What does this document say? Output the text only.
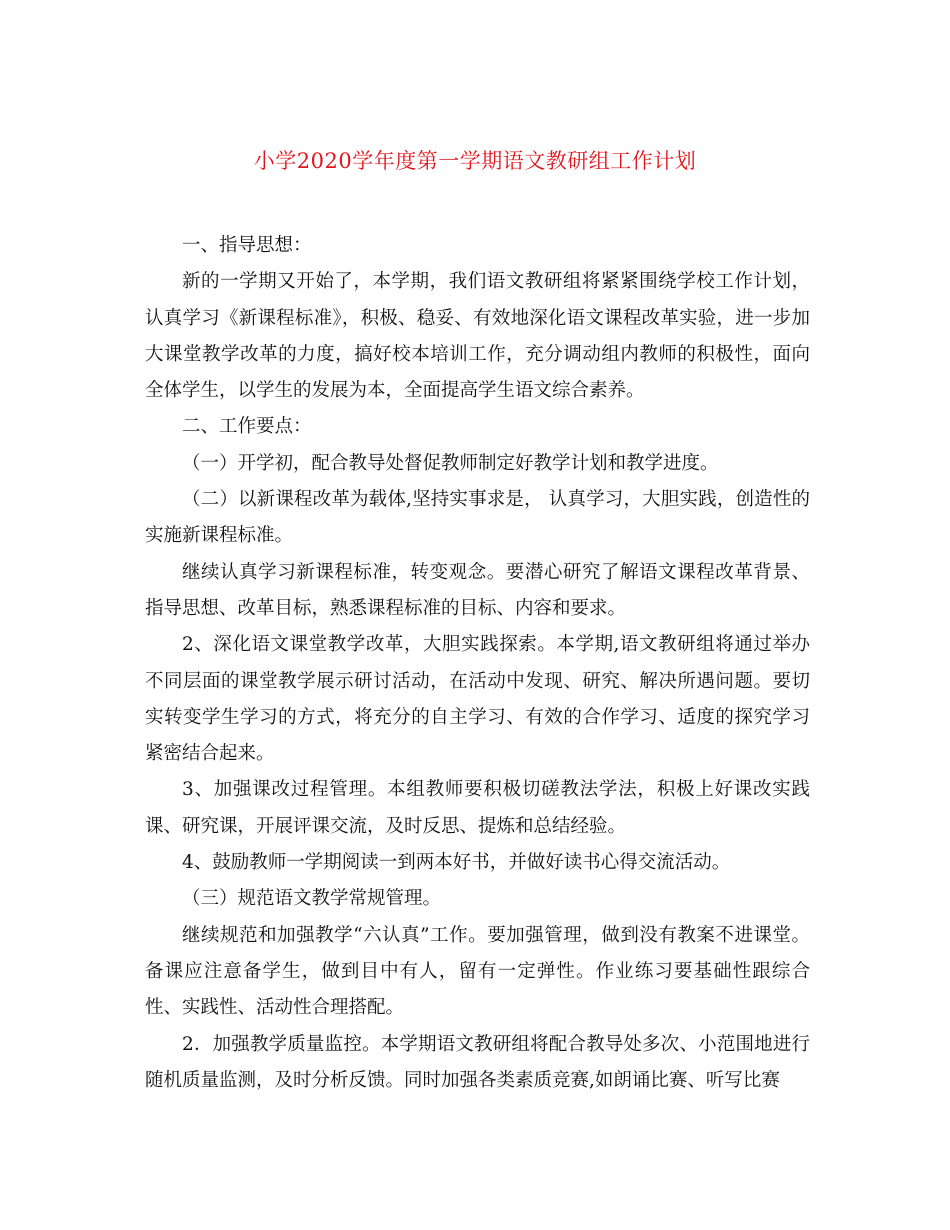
小学2020学年度第一学期语文教研组工作计划

一、指导思想：

新的一学期又开始了，本学期，我们语文教研组将紧紧围绕学校工作计划，认真学习《新课程标准》，积极、稳妥、有效地深化语文课程改革实验，进一步加大课堂教学改革的力度，搞好校本培训工作，充分调动组内教师的积极性，面向全体学生，以学生的发展为本，全面提高学生语文综合素养。

二、工作要点：

（一）开学初，配合教导处督促教师制定好教学计划和教学进度。

（二）以新课程改革为载体,坚持实事求是， 认真学习，大胆实践，创造性的实施新课程标准。

继续认真学习新课程标准，转变观念。要潜心研究了解语文课程改革背景、指导思想、改革目标，熟悉课程标准的目标、内容和要求。

2、深化语文课堂教学改革，大胆实践探索。本学期,语文教研组将通过举办不同层面的课堂教学展示研讨活动，在活动中发现、研究、解决所遇问题。要切实转变学生学习的方式，将充分的自主学习、有效的合作学习、适度的探究学习紧密结合起来。

3、加强课改过程管理。本组教师要积极切磋教法学法，积极上好课改实践课、研究课，开展评课交流，及时反思、提炼和总结经验。

4、鼓励教师一学期阅读一到两本好书，并做好读书心得交流活动。

（三）规范语文教学常规管理。

继续规范和加强教学“六认真”工作。要加强管理，做到没有教案不进课堂。备课应注意备学生，做到目中有人，留有一定弹性。作业练习要基础性跟综合性、实践性、活动性合理搭配。

2．加强教学质量监控。本学期语文教研组将配合教导处多次、小范围地进行随机质量监测，及时分析反馈。同时加强各类素质竞赛,如朗诵比赛、听写比赛
